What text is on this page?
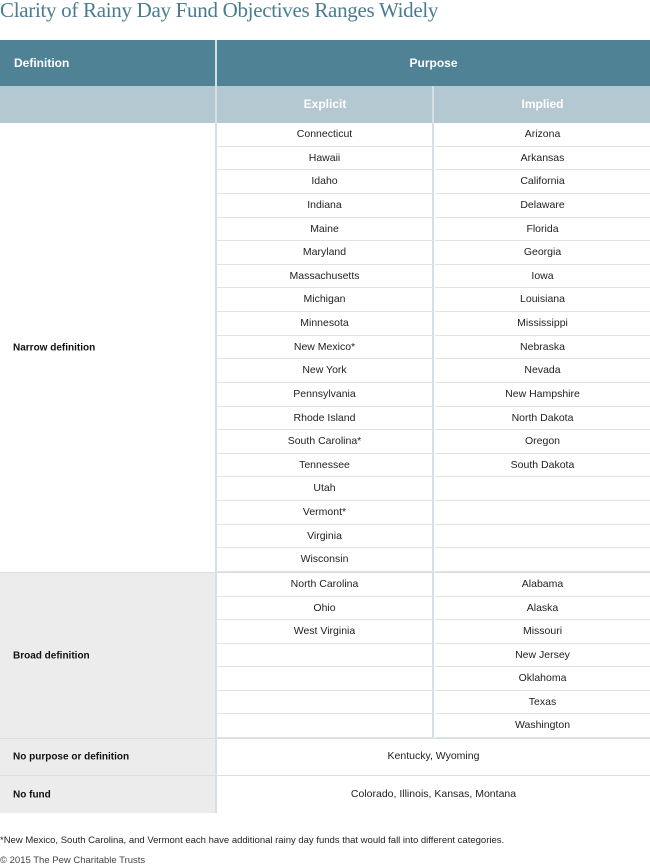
Clarity of Rainy Day Fund Objectives Ranges Widely
Definition	Purpose
Explicit	Implied
Narrow definition
Broad definition
No purpose or definition
No fund
Connecticut
Hawaii
Idaho
Indiana
Maine
Maryland
Massachusetts
Michigan
Minnesota
New Mexico*
New York
Pennsylvania
Rhode Island
South Carolina*
Tennessee
Utah
Vermont*
Virginia
Wisconsin
Arizona
Arkansas
California
Delaware
Florida
Georgia
Iowa
Louisiana
Mississippi
Nebraska
Nevada
New Hampshire
North Dakota
Oregon
South Dakota
North Carolina
Ohio
West Virginia
Alabama
Alaska
Missouri
New Jersey
Oklahoma
Texas
Washington
Kentucky, Wyoming
Colorado, Illinois, Kansas, Montana
*New Mexico, South Carolina, and Vermont each have additional rainy day funds that would fall into different categories.
© 2015 The Pew Charitable Trusts
